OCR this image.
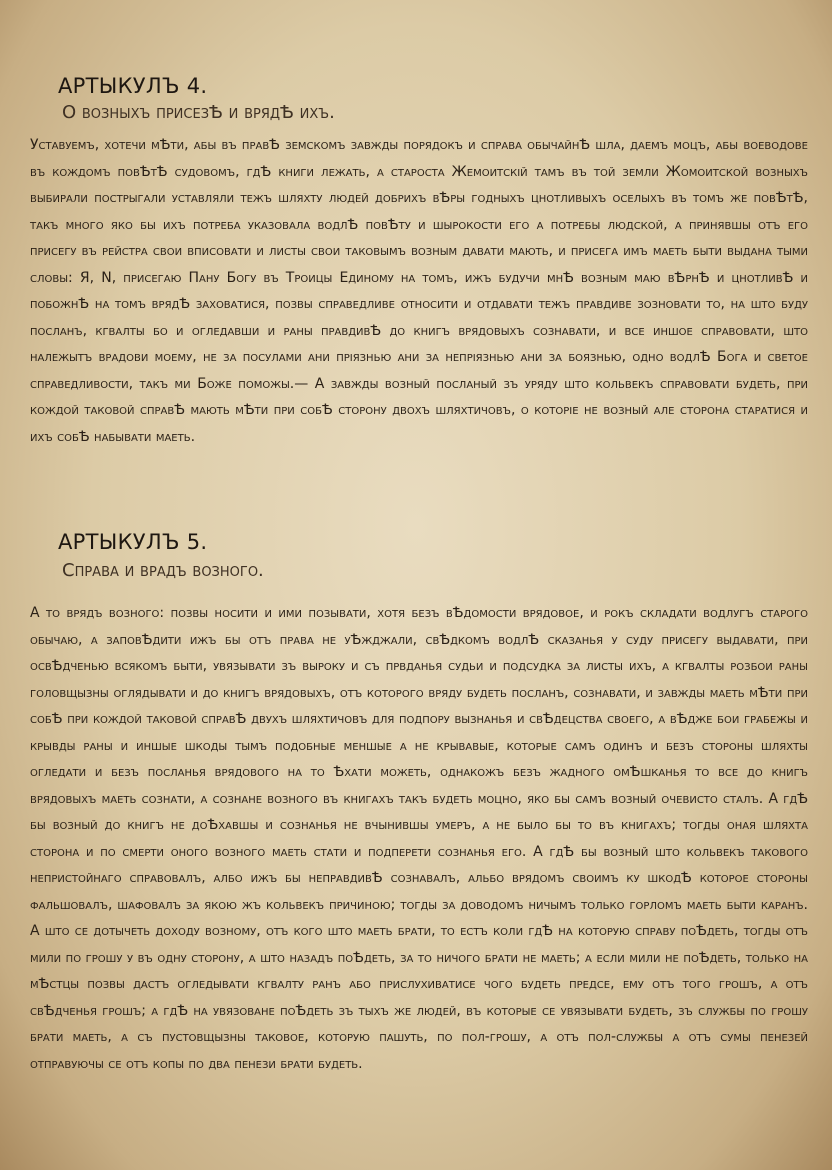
АРТЫКУЛЪ 4.
О возныхъ присезѢ и врядѢ ихъ.

Уставуемъ, хотечи мѢти, абы въ правѢ земскомъ завжды порядокъ и справа обычайнѢ шла, даемъ моцъ, абы воеводове въ кождомъ повѢтѢ судовомъ, гдѢ книги лежать, а староста Жемоитскій тамъ въ той земли Жомоитской возныхъ выбирали пострыгали уставляли тежъ шляхту людей добрихъ вѢры годныхъ цнотливыхъ оселыхъ въ томъ же повѢтѢ, такъ много яко бы ихъ потреба указовала водлѢ повѢту и шырокости его а потребы людской, а принявшы отъ его присегу въ рейстра свои вписовати и листы свои таковымъ возным давати мають, и присега имъ маеть быти выдана тыми словы: Я, N, присегаю Пану Богу въ Троицы Единому на томъ, ижъ будучи мнѢ возным маю вѢрнѢ и цнотливѢ и побожнѢ на томъ врядѢ заховатися, позвы справедливе относити и отдавати тежъ правдиве зозновати то, на што буду посланъ, кгвалты бо и огледавши и раны правдивѢ до книгъ врядовыхъ сознавати, и все иншое справовати, што належытъ врадови моему, не за посулами ани прiязнью ани за непрiязнью ани за боязнью, одно водлѢ Бога и светое справедливости, такъ ми Боже поможы.— А завжды возный посланый зъ уряду што кольвекъ справовати будеть, при кождой таковой справѢ мають мѢти при собѢ сторону двохъ шляхтичовъ, о которiе не возный але сторона старатися и ихъ собѢ набывати маеть.

АРТЫКУЛЪ 5.
Справа и врадъ возного.

А то врядъ возного: позвы носити и ими позывати, хотя безъ вѢдомости врядовое, и рокъ складати водлугъ старого обычаю, а заповѢдити ижъ бы отъ права не уѢжджали, свѢдкомъ водлѢ сказанья у суду присегу выдавати, при освѢдченью всякомъ быти, увязывати зъ выроку и съ првданья судьи и подсудка за листы ихъ, а кгвалты розбои раны головщызны оглядывати и до книгъ врядовыхъ, отъ которого вряду будеть посланъ, сознавати, и завжды маеть мѢти при собѢ при кождой таковой справѢ двухъ шляхтичовъ для подпору вызнанья и свѢдецства своего, а вѢдже бои грабежы и крывды раны и иншые шкоды тымъ подобные меншые а не крывавые, которые самъ одинъ и безъ стороны шляхты огледати и безъ посланья врядового на то Ѣхати можеть, однакожъ безъ жадного омѢшканья то все до книгъ врядовыхъ маеть сознати, а сознане возного въ книгахъ такъ будеть моцно, яко бы самъ возный очевисто сталъ. А гдѢ бы возный до книгъ не доѢхавшы и сознанья не вчынившы умеръ, а не было бы то въ книгахъ; тогды оная шляхта сторона и по смерти оного возного маеть стати и подперети сознанья его. А гдѢ бы возный што кольвекъ такового непристойнаго справовалъ, албо ижъ бы неправдивѢ сознавалъ, альбо врядомъ своимъ ку шкодѢ которое стороны фальшовалъ, шафовалъ за якою жъ кольвекъ причиною; тогды за доводомъ ничымъ только горломъ маеть быти каранъ. А што се дотычеть доходу возному, отъ кого што маеть брати, то естъ коли гдѢ на которую справу поѢдеть, тогды отъ мили по грошу у въ одну сторону, а што назадъ поѢдеть, за то ничого брати не маеть; а если мили не поѢдеть, только на мѢстцы позвы дастъ огледывати кгвалту ранъ або прислухиватисе чого будеть предсе, ему отъ того грошъ, а отъ свѢдченья грошъ; а гдѢ на увязоване поѢдеть зъ тыхъ же людей, въ которые се увязывати будеть, зъ службы по грошу брати маеть, а съ пустовщызны таковое, которую пашуть, по пол-грошу, а отъ пол-службы а отъ сумы пенезей отправуючы се отъ копы по два пенези брати будеть.
